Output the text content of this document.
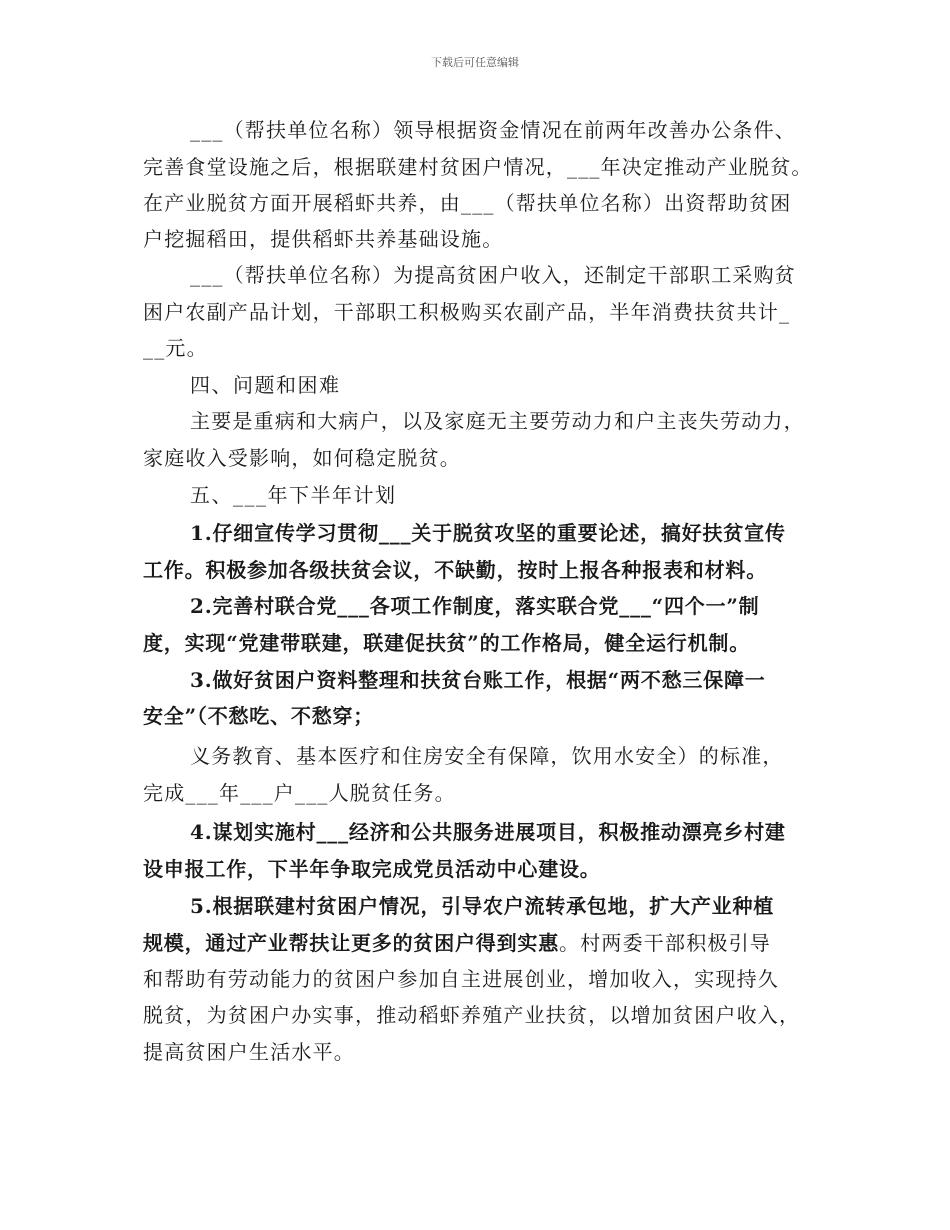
下载后可任意编辑
___（帮扶单位名称）领导根据资金情况在前两年改善办公条件、
完善食堂设施之后，根据联建村贫困户情况，___年决定推动产业脱贫。
在产业脱贫方面开展稻虾共养，由___（帮扶单位名称）出资帮助贫困
户挖掘稻田，提供稻虾共养基础设施。
___（帮扶单位名称）为提高贫困户收入，还制定干部职工采购贫
困户农副产品计划，干部职工积极购买农副产品，半年消费扶贫共计_
__元。
四、问题和困难
主要是重病和大病户，以及家庭无主要劳动力和户主丧失劳动力，
家庭收入受影响，如何稳定脱贫。
五、___年下半年计划
1.仔细宣传学习贯彻___关于脱贫攻坚的重要论述，搞好扶贫宣传
工作。积极参加各级扶贫会议，不缺勤，按时上报各种报表和材料。
2.完善村联合党___各项工作制度，落实联合党___“四个一”制
度，实现“党建带联建，联建促扶贫”的工作格局，健全运行机制。
3.做好贫困户资料整理和扶贫台账工作，根据“两不愁三保障一
安全”（不愁吃、不愁穿；
义务教育、基本医疗和住房安全有保障，饮用水安全）的标准，
完成___年___户___人脱贫任务。
4.谋划实施村___经济和公共服务进展项目，积极推动漂亮乡村建
设申报工作，下半年争取完成党员活动中心建设。
5.根据联建村贫困户情况，引导农户流转承包地，扩大产业种植
规模，通过产业帮扶让更多的贫困户得到实惠。村两委干部积极引导
和帮助有劳动能力的贫困户参加自主进展创业，增加收入，实现持久
脱贫，为贫困户办实事，推动稻虾养殖产业扶贫，以增加贫困户收入，
提高贫困户生活水平。
